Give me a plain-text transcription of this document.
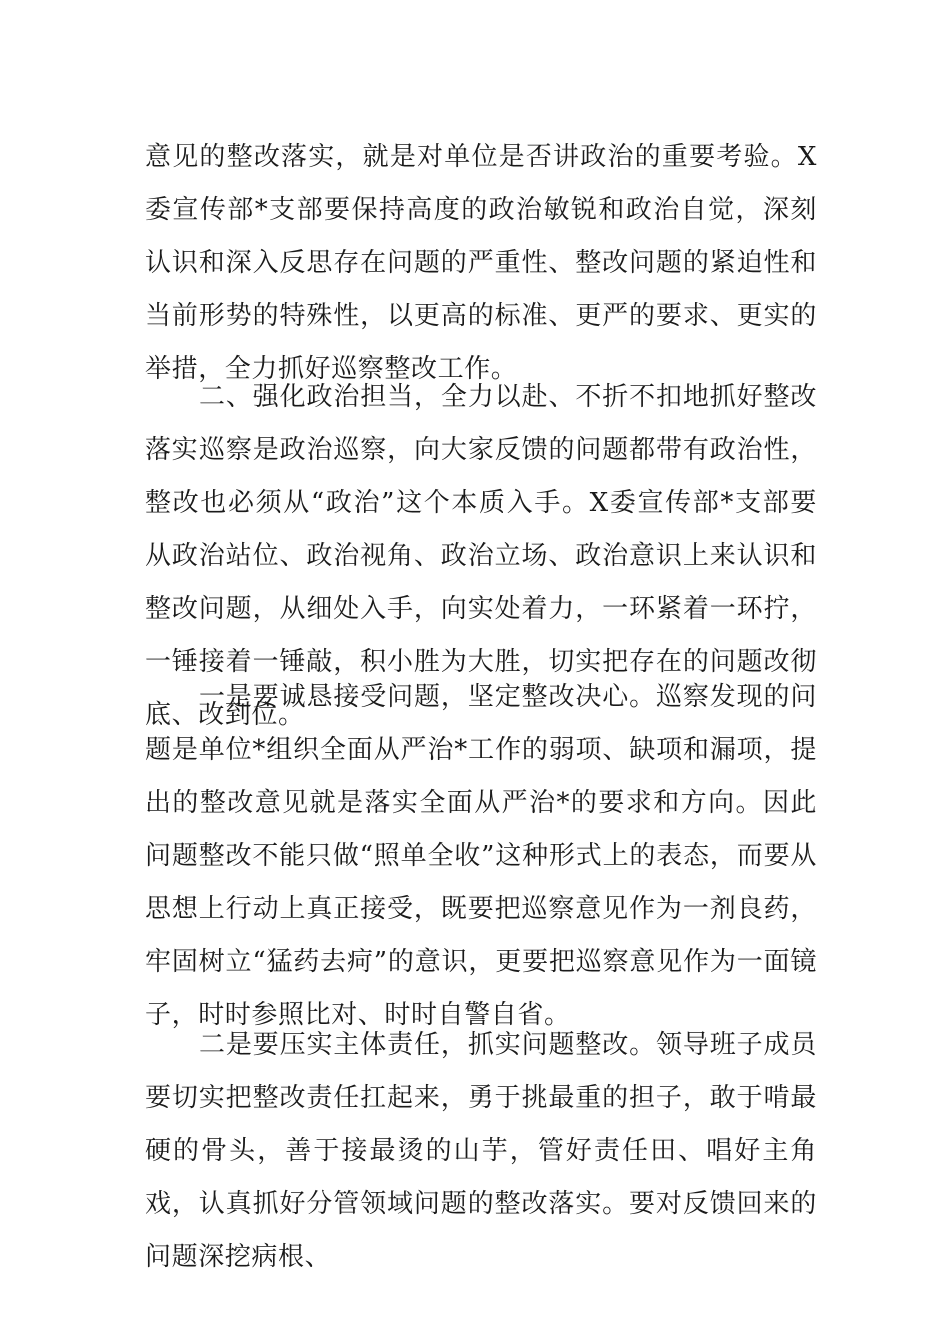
意见的整改落实，就是对单位是否讲政治的重要考验。X委宣传部*支部要保持高度的政治敏锐和政治自觉，深刻认识和深入反思存在问题的严重性、整改问题的紧迫性和当前形势的特殊性，以更高的标准、更严的要求、更实的举措，全力抓好巡察整改工作。

二、强化政治担当，全力以赴、不折不扣地抓好整改落实 巡察是政治巡察，向大家反馈的问题都带有政治性，整改也必须从“政治”这个本质入手。X委宣传部*支部要从政治站位、政治视角、政治立场、政治意识上来认识和整改问题，从细处入手，向实处着力，一环紧着一环拧，一锤接着一锤敲，积小胜为大胜，切实把存在的问题改彻底、改到位。

一是要诚恳接受问题，坚定整改决心。巡察发现的问题是单位*组织全面从严治*工作的弱项、缺项和漏项，提出的整改意见就是落实全面从严治*的要求和方向。因此问题整改不能只做“照单全收”这种形式上的表态，而要从思想上行动上真正接受，既要把巡察意见作为一剂良药，牢固树立“猛药去疴”的意识，更要把巡察意见作为一面镜子，时时参照比对、时时自警自省。

二是要压实主体责任，抓实问题整改。领导班子成员要切实把整改责任扛起来，勇于挑最重的担子，敢于啃最硬的骨头，善于接最烫的山芋，管好责任田、唱好主角戏，认真抓好分管领域问题的整改落实。要对反馈回来的问题深挖病根、
